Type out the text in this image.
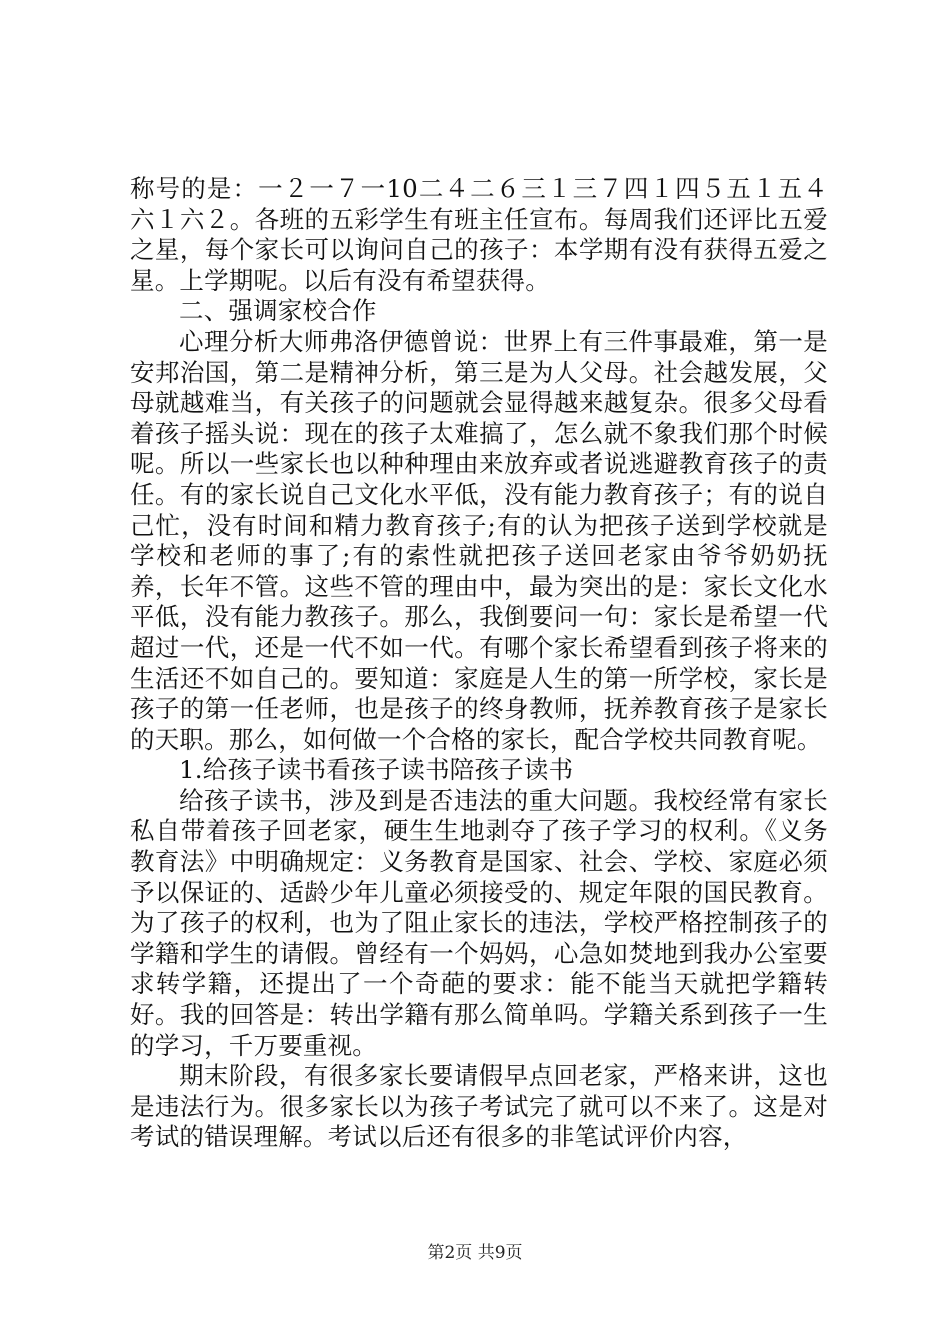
称号的是：一２一７一10二４二６三１三７四１四５五１五４六１六２。各班的五彩学生有班主任宣布。每周我们还评比五爱之星，每个家长可以询问自己的孩子：本学期有没有获得五爱之星。上学期呢。以后有没有希望获得。

二、强调家校合作

心理分析大师弗洛伊德曾说：世界上有三件事最难，第一是安邦治国，第二是精神分析，第三是为人父母。社会越发展，父母就越难当，有关孩子的问题就会显得越来越复杂。很多父母看着孩子摇头说：现在的孩子太难搞了，怎么就不象我们那个时候呢。所以一些家长也以种种理由来放弃或者说逃避教育孩子的责任。有的家长说自己文化水平低，没有能力教育孩子；有的说自己忙，没有时间和精力教育孩子;有的认为把孩子送到学校就是学校和老师的事了;有的索性就把孩子送回老家由爷爷奶奶抚养，长年不管。这些不管的理由中，最为突出的是：家长文化水平低，没有能力教孩子。那么，我倒要问一句：家长是希望一代超过一代，还是一代不如一代。有哪个家长希望看到孩子将来的生活还不如自己的。要知道：家庭是人生的第一所学校，家长是孩子的第一任老师，也是孩子的终身教师，抚养教育孩子是家长的天职。那么，如何做一个合格的家长，配合学校共同教育呢。

1.给孩子读书看孩子读书陪孩子读书

给孩子读书，涉及到是否违法的重大问题。我校经常有家长私自带着孩子回老家，硬生生地剥夺了孩子学习的权利。《义务教育法》中明确规定：义务教育是国家、社会、学校、家庭必须予以保证的、适龄少年儿童必须接受的、规定年限的国民教育。为了孩子的权利，也为了阻止家长的违法，学校严格控制孩子的学籍和学生的请假。曾经有一个妈妈，心急如焚地到我办公室要求转学籍，还提出了一个奇葩的要求：能不能当天就把学籍转好。我的回答是：转出学籍有那么简单吗。学籍关系到孩子一生的学习，千万要重视。

期末阶段，有很多家长要请假早点回老家，严格来讲，这也是违法行为。很多家长以为孩子考试完了就可以不来了。这是对考试的错误理解。考试以后还有很多的非笔试评价内容，

第2页 共9页
